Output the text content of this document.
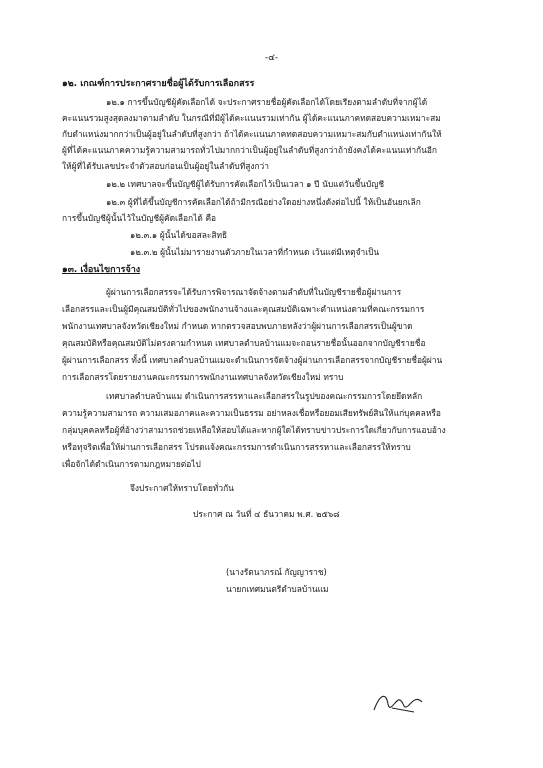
-๔-
๑๒. เกณฑ์การประกาศรายชื่อผู้ได้รับการเลือกสรร
๑๒.๑ การขึ้นบัญชีผู้คัดเลือกได้ จะประกาศรายชื่อผู้คัดเลือกได้โดยเรียงตามลำดับที่จากผู้ได้
คะแนนรวมสูงสุดลงมาตามลำดับ ในกรณีที่มีผู้ได้คะแนนรวมเท่ากัน ผู้ได้คะแนนภาคทดสอบความเหมาะสม
กับตำแหน่งมากกว่าเป็นผู้อยู่ในลำดับที่สูงกว่า ถ้าได้คะแนนภาคทดสอบความเหมาะสมกับตำแหน่งเท่ากันให้
ผู้ที่ได้คะแนนภาคความรู้ความสามารถทั่วไปมากกว่าเป็นผู้อยู่ในลำดับที่สูงกว่าถ้ายังคงได้คะแนนเท่ากันอีก
ให้ผู้ที่ได้รับเลขประจำตัวสอบก่อนเป็นผู้อยู่ในลำดับที่สูงกว่า
๑๒.๒ เทศบาลจะขึ้นบัญชีผู้ได้รับการคัดเลือกไว้เป็นเวลา ๑ ปี นับแต่วันขึ้นบัญชี
๑๒.๓ ผู้ที่ได้ขึ้นบัญชีการคัดเลือกได้ถ้ามีกรณีอย่างใดอย่างหนึ่งดังต่อไปนี้ ให้เป็นอันยกเลิก
การขึ้นบัญชีผู้นั้นไว้ในบัญชีผู้คัดเลือกได้ คือ
๑๒.๓.๑ ผู้นั้นได้ขอสละสิทธิ
๑๒.๓.๒ ผู้นั้นไม่มารายงานตัวภายในเวลาที่กำหนด เว้นแต่มีเหตุจำเป็น
๑๓. เงื่อนไขการจ้าง
ผู้ผ่านการเลือกสรรจะได้รับการพิจารณาจัดจ้างตามลำดับที่ในบัญชีรายชื่อผู้ผ่านการ
เลือกสรรและเป็นผู้มีคุณสมบัติทั่วไปของพนักงานจ้างและคุณสมบัติเฉพาะตำแหน่งตามที่คณะกรรมการ
พนักงานเทศบาลจังหวัดเชียงใหม่ กำหนด หากตรวจสอบพบภายหลังว่าผู้ผ่านการเลือกสรรเป็นผู้ขาด
คุณสมบัติหรือคุณสมบัติไม่ตรงตามกำหนด เทศบาลตำบลบ้านแมจะถอนรายชื่อนั้นออกจากบัญชีรายชื่อ
ผู้ผ่านการเลือกสรร ทั้งนี้ เทศบาลตำบลบ้านแมจะดำเนินการจัดจ้างผู้ผ่านการเลือกสรรจากบัญชีรายชื่อผู้ผ่าน
การเลือกสรรโดยรายงานคณะกรรมการพนักงานเทศบาลจังหวัดเชียงใหม่ ทราบ
เทศบาลตำบลบ้านแม ดำเนินการสรรหาและเลือกสรรในรูปของคณะกรรมการโดยยึดหลัก
ความรู้ความสามารถ ความเสมอภาคและความเป็นธรรม อย่าหลงเชื่อหรือยอมเสียทรัพย์สินให้แก่บุคคลหรือ
กลุ่มบุคคลหรือผู้ที่อ้างว่าสามารถช่วยเหลือให้สอบได้และหากผู้ใดได้ทราบข่าวประการใดเกี่ยวกับการแอบอ้าง
หรือทุจริตเพื่อให้ผ่านการเลือกสรร โปรดแจ้งคณะกรรมการดำเนินการสรรหาและเลือกสรรให้ทราบ
เพื่อจักได้ดำเนินการตามกฎหมายต่อไป
จึงประกาศให้ทราบโดยทั่วกัน
ประกาศ ณ วันที่ ๔ ธันวาคม พ.ศ. ๒๕๖๘
(นางรัตนาภรณ์ กัญญาราช)
นายกเทศมนตรีตำบลบ้านแม
